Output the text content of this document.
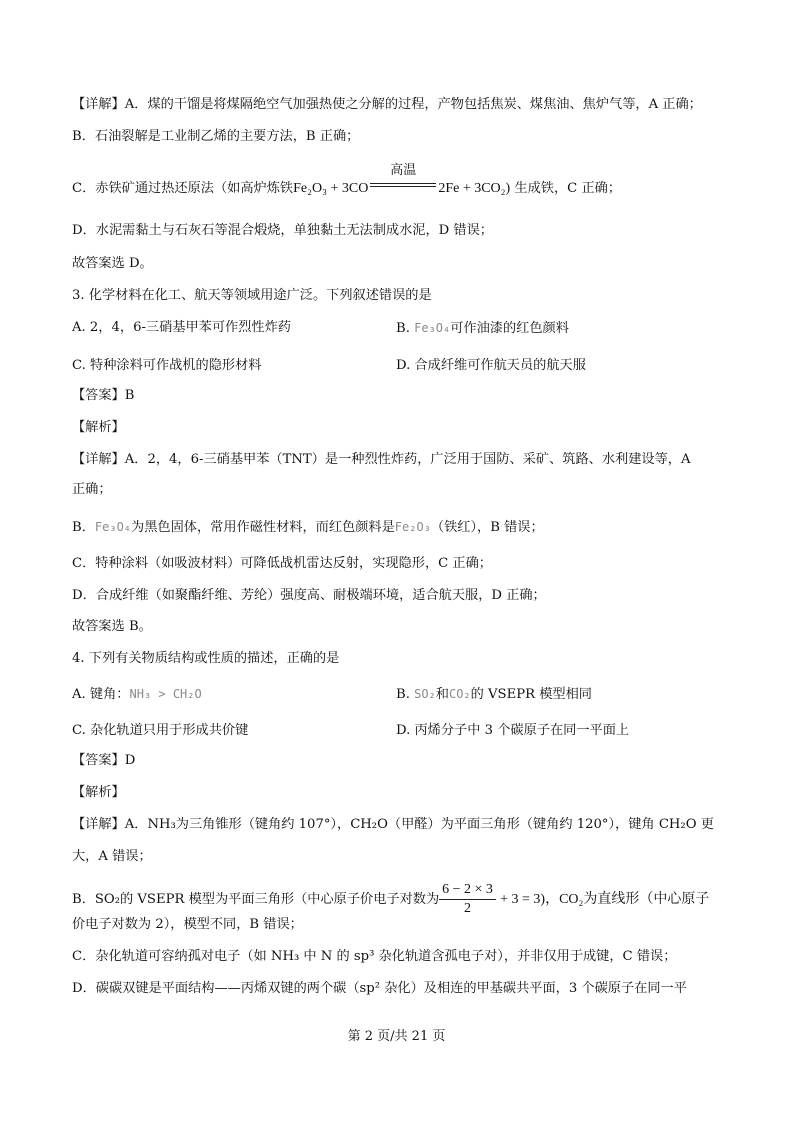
【详解】A．煤的干馏是将煤隔绝空气加强热使之分解的过程，产物包括焦炭、煤焦油、焦炉气等，A 正确；
B．石油裂解是工业制乙烯的主要方法，B 正确；
C．赤铁矿通过热还原法（如高炉炼铁Fe₂O₃ + 3CO
高温
2Fe + 3CO₂) 生成铁，C 正确；
D．水泥需黏土与石灰石等混合煅烧，单独黏土无法制成水泥，D 错误；
故答案选 D。
3. 化学材料在化工、航天等领域用途广泛。下列叙述错误的是
A. 2，4，6-三硝基甲苯可作烈性炸药	B. Fe₃O₄可作油漆的红色颜料
C. 特种涂料可作战机的隐形材料	D. 合成纤维可作航天员的航天服
【答案】B
【解析】
【详解】A．2，4，6-三硝基甲苯（TNT）是一种烈性炸药，广泛用于国防、采矿、筑路、水利建设等，A
正确；
B．Fe₃O₄为黑色固体，常用作磁性材料，而红色颜料是Fe₂O₃（铁红），B 错误；
C．特种涂料（如吸波材料）可降低战机雷达反射，实现隐形，C 正确；
D．合成纤维（如聚酯纤维、芳纶）强度高、耐极端环境，适合航天服，D 正确；
故答案选 B。
4. 下列有关物质结构或性质的描述，正确的是
A. 键角：NH₃ > CH₂O	B. SO₂和CO₂的 VSEPR 模型相同
C. 杂化轨道只用于形成共价键	D. 丙烯分子中 3 个碳原子在同一平面上
【答案】D
【解析】
【详解】A．NH₃为三角锥形（键角约 107°），CH₂O（甲醛）为平面三角形（键角约 120°），键角 CH₂O 更
大，A 错误；
B．SO₂的 VSEPR 模型为平面三角形（中心原子价电子对数为 $\frac{6 - 2 \times 3}{2} + 3 = 3$)，CO₂为直线形（中心原子
价电子对数为 2），模型不同，B 错误；
C．杂化轨道可容纳孤对电子（如 NH₃ 中 N 的 sp³ 杂化轨道含孤电子对），并非仅用于成键，C 错误；
D．碳碳双键是平面结构——丙烯双键的两个碳（sp² 杂化）及相连的甲基碳共平面，3 个碳原子在同一平
第 2 页/共 21 页
